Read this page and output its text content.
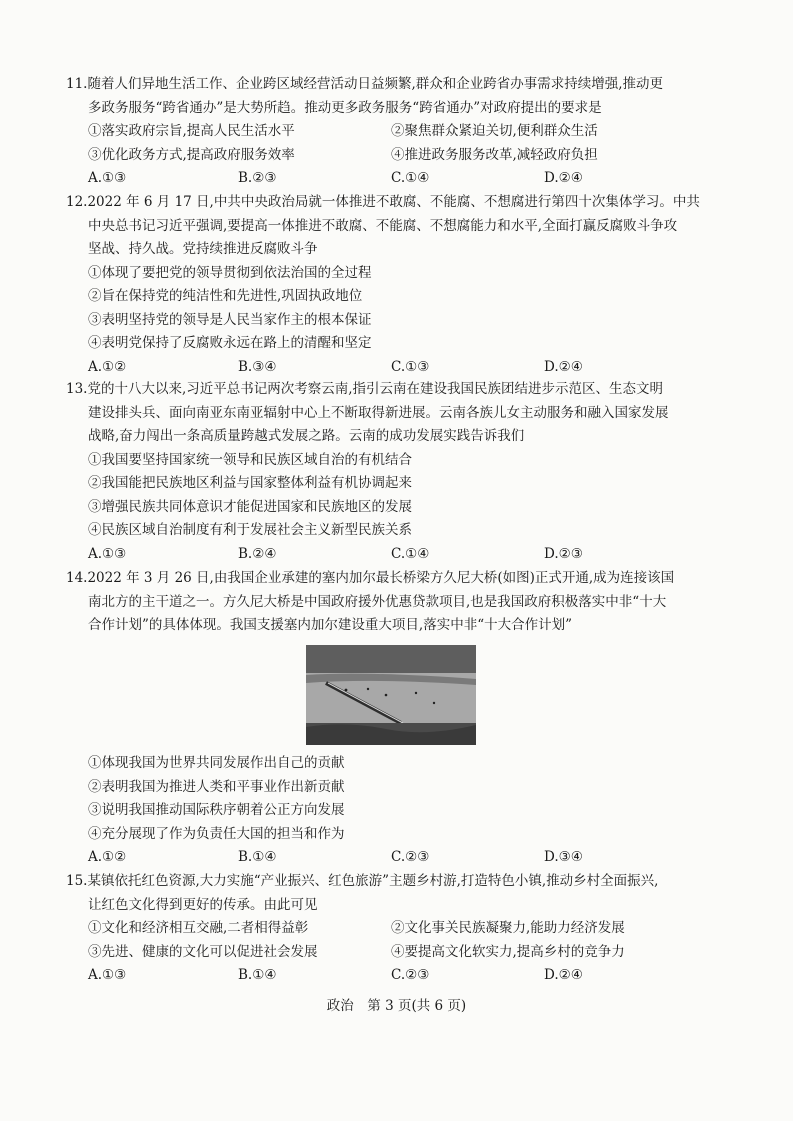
11.随着人们异地生活工作、企业跨区域经营活动日益频繁,群众和企业跨省办事需求持续增强,推动更
多政务服务“跨省通办”是大势所趋。推动更多政务服务“跨省通办”对政府提出的要求是
①落实政府宗旨,提高人民生活水平	②聚焦群众紧迫关切,便利群众生活
③优化政务方式,提高政府服务效率	④推进政务服务改革,减轻政府负担
A.①③	B.②③	C.①④	D.②④
12.2022 年 6 月 17 日,中共中央政治局就一体推进不敢腐、不能腐、不想腐进行第四十次集体学习。中共
中央总书记习近平强调,要提高一体推进不敢腐、不能腐、不想腐能力和水平,全面打赢反腐败斗争攻
坚战、持久战。党持续推进反腐败斗争
①体现了要把党的领导贯彻到依法治国的全过程
②旨在保持党的纯洁性和先进性,巩固执政地位
③表明坚持党的领导是人民当家作主的根本保证
④表明党保持了反腐败永远在路上的清醒和坚定
A.①②	B.③④	C.①③	D.②④
13.党的十八大以来,习近平总书记两次考察云南,指引云南在建设我国民族团结进步示范区、生态文明
建设排头兵、面向南亚东南亚辐射中心上不断取得新进展。云南各族儿女主动服务和融入国家发展
战略,奋力闯出一条高质量跨越式发展之路。云南的成功发展实践告诉我们
①我国要坚持国家统一领导和民族区域自治的有机结合
②我国能把民族地区利益与国家整体利益有机协调起来
③增强民族共同体意识才能促进国家和民族地区的发展
④民族区域自治制度有利于发展社会主义新型民族关系
A.①③	B.②④	C.①④	D.②③
14.2022 年 3 月 26 日,由我国企业承建的塞内加尔最长桥梁方久尼大桥(如图)正式开通,成为连接该国
南北方的主干道之一。方久尼大桥是中国政府援外优惠贷款项目,也是我国政府积极落实中非“十大
合作计划”的具体体现。我国支援塞内加尔建设重大项目,落实中非“十大合作计划”
①体现我国为世界共同发展作出自己的贡献
②表明我国为推进人类和平事业作出新贡献
③说明我国推动国际秩序朝着公正方向发展
④充分展现了作为负责任大国的担当和作为
A.①②	B.①④	C.②③	D.③④
15.某镇依托红色资源,大力实施“产业振兴、红色旅游”主题乡村游,打造特色小镇,推动乡村全面振兴,
让红色文化得到更好的传承。由此可见
①文化和经济相互交融,二者相得益彰	②文化事关民族凝聚力,能助力经济发展
③先进、健康的文化可以促进社会发展	④要提高文化软实力,提高乡村的竞争力
A.①③	B.①④	C.②③	D.②④
政治　第 3 页(共 6 页)
